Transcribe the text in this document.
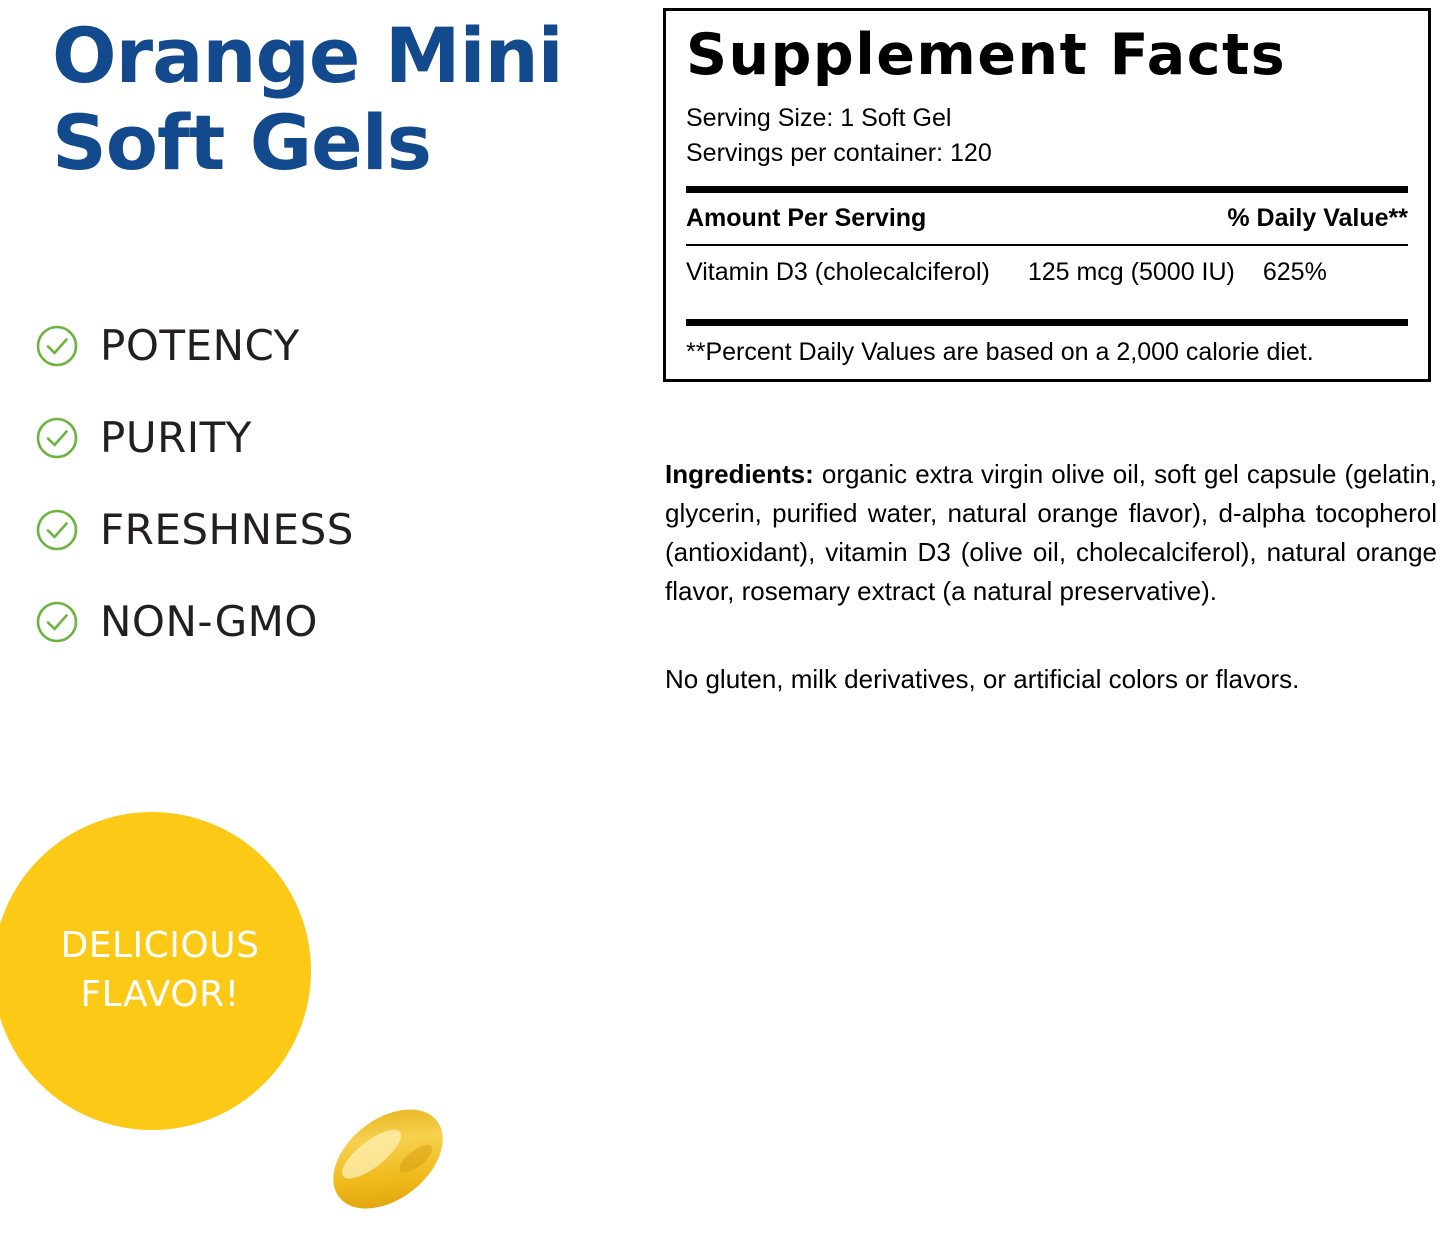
Orange Mini
Soft Gels
POTENCY
PURITY
FRESHNESS
NON-GMO
DELICIOUS
FLAVOR!
Supplement Facts
Serving Size: 1 Soft Gel
Servings per container: 120
Amount Per Serving	% Daily Value**
Vitamin D3 (cholecalciferol) 125 mcg (5000 IU) 625%
**Percent Daily Values are based on a 2,000 calorie diet.
Ingredients: organic extra virgin olive oil, soft gel capsule (gelatin, glycerin, purified water, natural orange flavor), d-alpha tocopherol (antioxidant), vitamin D3 (olive oil, cholecalciferol), natural orange flavor, rosemary extract (a natural preservative).
No gluten, milk derivatives, or artificial colors or flavors.
